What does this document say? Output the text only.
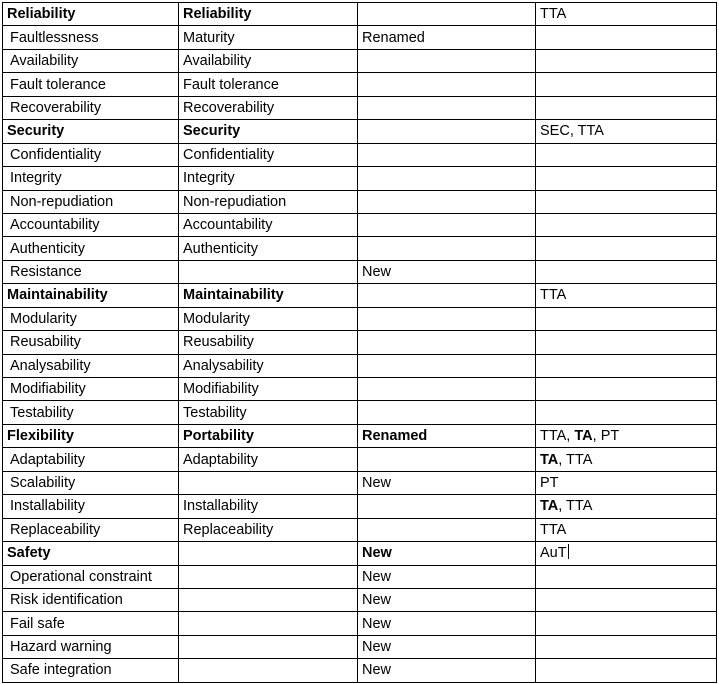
Reliability	Reliability		TTA
Faultlessness	Maturity	Renamed	
Availability	Availability		
Fault tolerance	Fault tolerance		
Recoverability	Recoverability		
Security	Security		SEC, TTA
Confidentiality	Confidentiality		
Integrity	Integrity		
Non-repudiation	Non-repudiation		
Accountability	Accountability		
Authenticity	Authenticity		
Resistance		New	
Maintainability	Maintainability		TTA
Modularity	Modularity		
Reusability	Reusability		
Analysability	Analysability		
Modifiability	Modifiability		
Testability	Testability		
Flexibility	Portability	Renamed	TTA, TA, PT
Adaptability	Adaptability		TA, TTA
Scalability		New	PT
Installability	Installability		TA, TTA
Replaceability	Replaceability		TTA
Safety		New	AuT
Operational constraint		New	
Risk identification		New	
Fail safe		New	
Hazard warning		New	
Safe integration		New	
